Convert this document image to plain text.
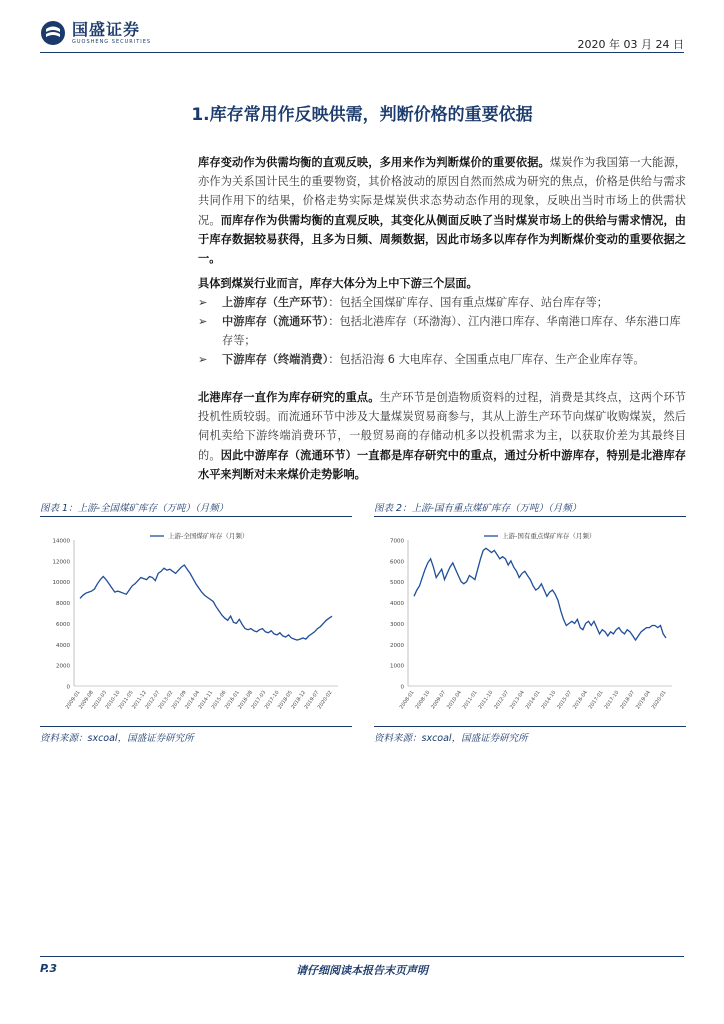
国盛证券
GUOSHENG SECURITIES	2020 年 03 月 24 日
1.库存常用作反映供需，判断价格的重要依据
库存变动作为供需均衡的直观反映，多用来作为判断煤价的重要依据。煤炭作为我国第一大能源，亦作为关系国计民生的重要物资，其价格波动的原因自然而然成为研究的焦点，价格是供给与需求共同作用下的结果，价格走势实际是煤炭供求态势动态作用的现象，反映出当时市场上的供需状况。而库存作为供需均衡的直观反映，其变化从侧面反映了当时煤炭市场上的供给与需求情况，由于库存数据较易获得，且多为日频、周频数据，因此市场多以库存作为判断煤价变动的重要依据之一。
具体到煤炭行业而言，库存大体分为上中下游三个层面。
➢	上游库存（生产环节）：包括全国煤矿库存、国有重点煤矿库存、站台库存等；
➢	中游库存（流通环节）：包括北港库存（环渤海）、江内港口库存、华南港口库存、华东港口库存等；
➢	下游库存（终端消费）：包括沿海 6 大电库存、全国重点电厂库存、生产企业库存等。
北港库存一直作为库存研究的重点。生产环节是创造物质资料的过程，消费是其终点，这两个环节投机性质较弱。而流通环节中涉及大量煤炭贸易商参与，其从上游生产环节向煤矿收购煤炭，然后伺机卖给下游终端消费环节，一般贸易商的存储动机多以投机需求为主，以获取价差为其最终目的。因此中游库存（流通环节）一直都是库存研究中的重点，通过分析中游库存，特别是北港库存水平来判断对未来煤价走势影响。
图表 1：上游-全国煤矿库存（万吨）（月频）
0
2000
4000
6000
8000
10000
12000
14000
2009-01
2009-08
2010-03
2010-10
2011-05
2011-12
2012-07
2013-02
2013-09
2014-04
2014-11
2015-06
2016-01
2016-08
2017-03
2017-10
2018-05
2018-12
2019-07
2020-02
上游-全国煤矿库存（月频）
资料来源：sxcoal，国盛证券研究所
图表 2：上游-国有重点煤矿库存（万吨）（月频）
0
1000
2000
3000
4000
5000
6000
7000
2008-01
2008-10
2009-07
2010-04
2011-01
2011-10
2012-07
2013-04
2014-01
2014-10
2015-07
2016-04
2017-01
2017-10
2018-07
2019-04
2020-01
上游-国有重点煤矿库存（月频）
资料来源：sxcoal，国盛证券研究所
P.3	请仔细阅读本报告末页声明
